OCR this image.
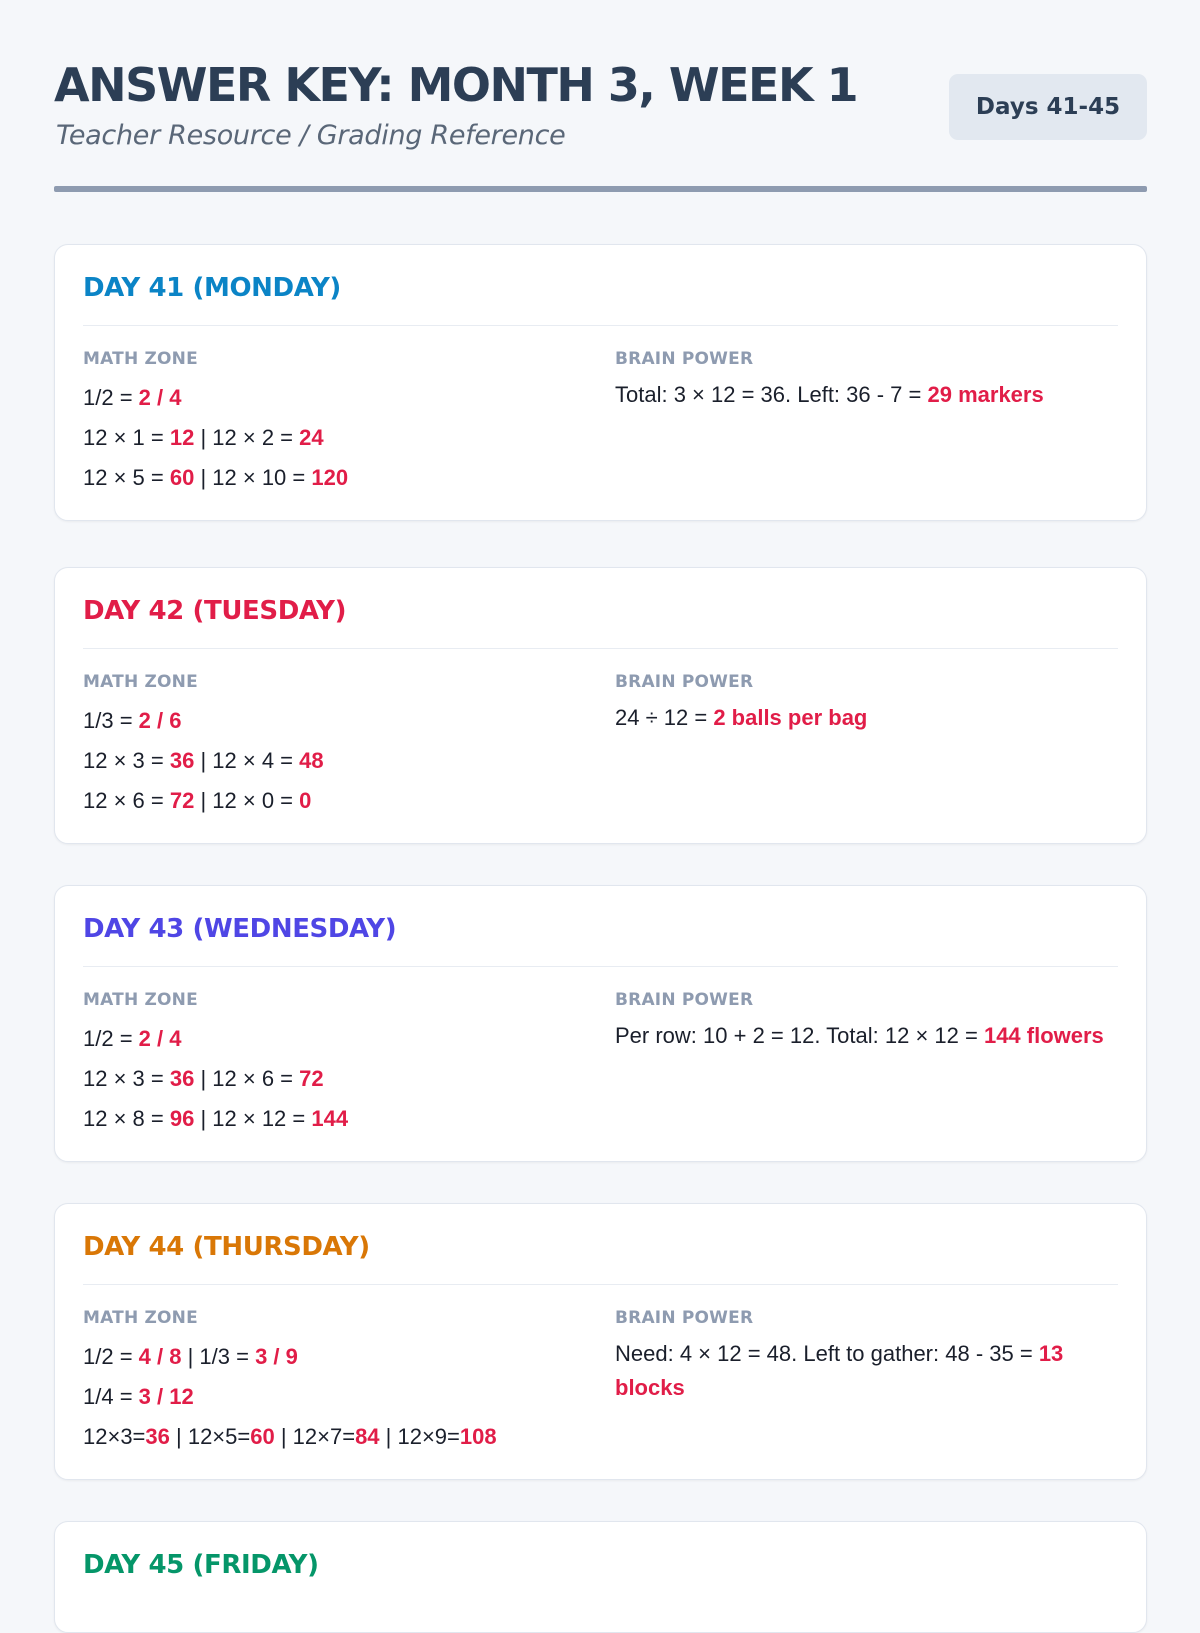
ANSWER KEY: MONTH 3, WEEK 1
Teacher Resource / Grading Reference
Days 41-45
DAY 41 (MONDAY)
MATH ZONE
1/2 = 2 / 4
12 × 1 = 12 | 12 × 2 = 24
12 × 5 = 60 | 12 × 10 = 120
BRAIN POWER
Total: 3 × 12 = 36. Left: 36 - 7 = 29 markers
DAY 42 (TUESDAY)
MATH ZONE
1/3 = 2 / 6
12 × 3 = 36 | 12 × 4 = 48
12 × 6 = 72 | 12 × 0 = 0
BRAIN POWER
24 ÷ 12 = 2 balls per bag
DAY 43 (WEDNESDAY)
MATH ZONE
1/2 = 2 / 4
12 × 3 = 36 | 12 × 6 = 72
12 × 8 = 96 | 12 × 12 = 144
BRAIN POWER
Per row: 10 + 2 = 12. Total: 12 × 12 = 144 flowers
DAY 44 (THURSDAY)
MATH ZONE
1/2 = 4 / 8 | 1/3 = 3 / 9
1/4 = 3 / 12
12×3=36 | 12×5=60 | 12×7=84 | 12×9=108
BRAIN POWER
Need: 4 × 12 = 48. Left to gather: 48 - 35 = 13 blocks
DAY 45 (FRIDAY)
